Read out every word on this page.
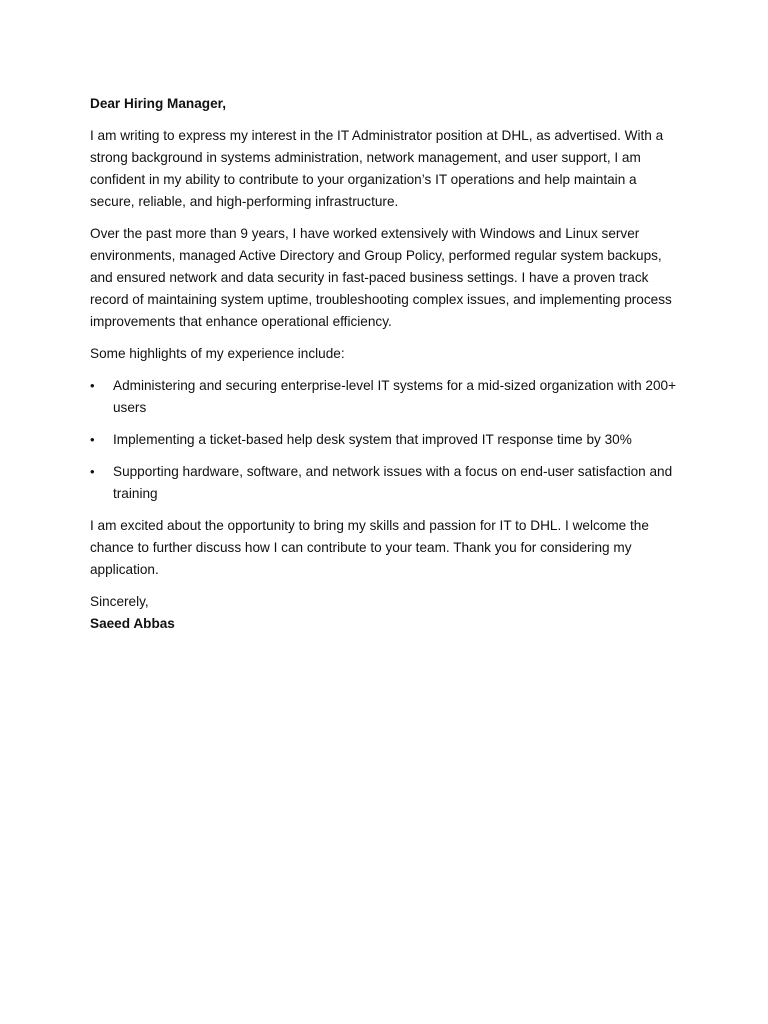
Dear Hiring Manager,

I am writing to express my interest in the IT Administrator position at DHL, as advertised. With a strong background in systems administration, network management, and user support, I am confident in my ability to contribute to your organization’s IT operations and help maintain a secure, reliable, and high-performing infrastructure.

Over the past more than 9 years, I have worked extensively with Windows and Linux server environments, managed Active Directory and Group Policy, performed regular system backups, and ensured network and data security in fast-paced business settings. I have a proven track record of maintaining system uptime, troubleshooting complex issues, and implementing process improvements that enhance operational efficiency.

Some highlights of my experience include:

• Administering and securing enterprise-level IT systems for a mid-sized organization with 200+ users
• Implementing a ticket-based help desk system that improved IT response time by 30%
• Supporting hardware, software, and network issues with a focus on end-user satisfaction and training

I am excited about the opportunity to bring my skills and passion for IT to DHL. I welcome the chance to further discuss how I can contribute to your team. Thank you for considering my application.

Sincerely,

Saeed Abbas
